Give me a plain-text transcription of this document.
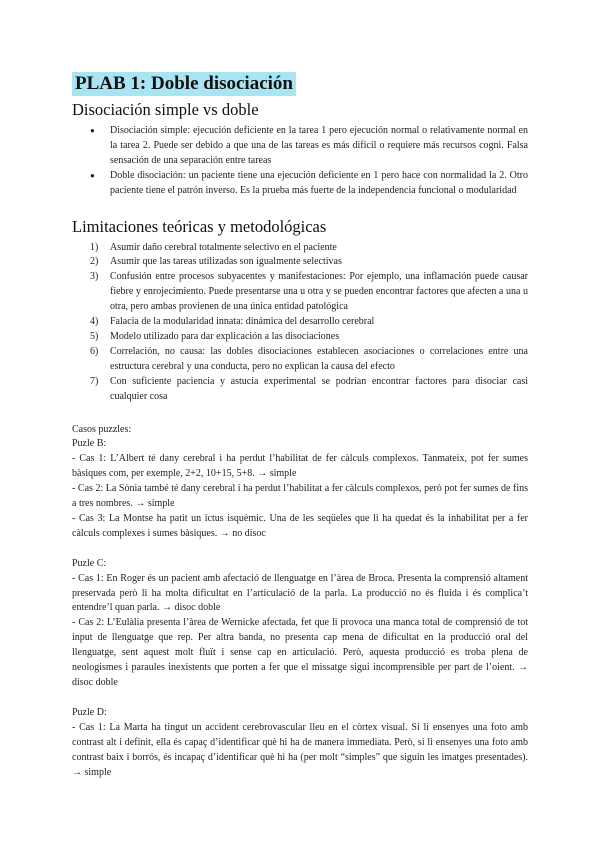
PLAB 1: Doble disociación
Disociación simple vs doble
● Disociación simple: ejecución deficiente en la tarea 1 pero ejecución normal o relativamente normal en la tarea 2. Puede ser debido a que una de las tareas es más difícil o requiere más recursos cogni. Falsa sensación de una separación entre tareas
● Doble disociación: un paciente tiene una ejecución deficiente en 1 pero hace con normalidad la 2. Otro paciente tiene el patrón inverso. Es la prueba más fuerte de la independencia funcional o modularidad
Limitaciones teóricas y metodológicas
1) Asumir daño cerebral totalmente selectivo en el paciente
2) Asumir que las tareas utilizadas son igualmente selectivas
3) Confusión entre procesos subyacentes y manifestaciones: Por ejemplo, una inflamación puede causar fiebre y enrojecimiento. Puede presentarse una u otra y se pueden encontrar factores que afecten a una u otra, pero ambas provienen de una única entidad patológica
4) Falacia de la modularidad innata: dinámica del desarrollo cerebral
5) Modelo utilizado para dar explicación a las disociaciones
6) Correlación, no causa: las dobles disociaciones establecen asociaciones o correlaciones entre una estructura cerebral y una conducta, pero no explican la causa del efecto
7) Con suficiente paciencia y astucia experimental se podrían encontrar factores para disociar casi cualquier cosa

Casos puzzles:

Puzle B:

- Cas 1: L’Albert té dany cerebral i ha perdut l’habilitat de fer càlculs complexos. Tanmateix, pot fer sumes bàsiques com, per exemple, 2+2, 10+15, 5+8. → simple

- Cas 2: La Sònia també té dany cerebral i ha perdut l’habilitat a fer càlculs complexos, però pot fer sumes de fins a tres nombres. → simple

- Cas 3: La Montse ha patit un ictus isquèmic. Una de les seqüeles que li ha quedat és la inhabilitat per a fer càlculs complexes i sumes bàsiques. → no disoc

Puzle C:

- Cas 1: En Roger és un pacient amb afectació de llenguatge en l’àrea de Broca. Presenta la comprensió altament preservada però li ha molta dificultat en l’articulació de la parla. La producció no és fluida i és complica’t entendre’l quan parla. → disoc doble

- Cas 2: L’Eulàlia presenta l’àrea de Wernicke afectada, fet que li provoca una manca total de comprensió de tot input de llenguatge que rep. Per altra banda, no presenta cap mena de dificultat en la producció oral del llenguatge, sent aquest molt fluït i sense cap en articulació. Però, aquesta producció es troba plena de neologismes i paraules inexistents que porten a fer que el missatge sigui incomprensible per part de l’oient. → disoc doble

Puzle D:

- Cas 1: La Marta ha tingut un accident cerebrovascular lleu en el còrtex visual. Si li ensenyes una foto amb contrast alt i definit, ella és capaç d’identificar què hi ha de manera immediata. Però, si li ensenyes una foto amb contrast baix i borrós, és incapaç d’identificar què hi ha (per molt “simples” que siguin les imatges presentades). → simple
